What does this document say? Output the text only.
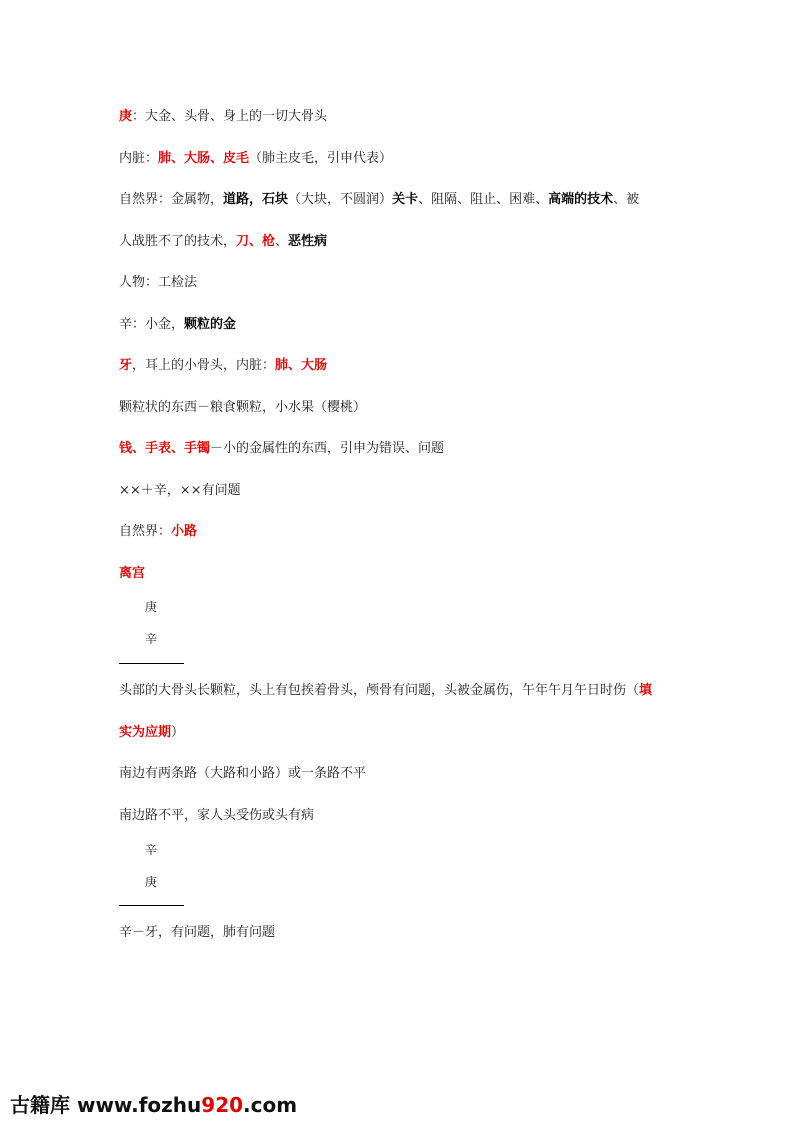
庚：大金、头骨、身上的一切大骨头
内脏：肺、大肠、皮毛（肺主皮毛，引申代表）
自然界：金属物，道路，石块（大块，不圆润）关卡、阻隔、阻止、困难、高端的技术、被
人战胜不了的技术，刀、枪、恶性病
人物：工检法
辛：小金，颗粒的金
牙，耳上的小骨头，内脏：肺、大肠
颗粒状的东西－粮食颗粒，小水果（樱桃）
钱、手表、手镯－小的金属性的东西，引申为错误、问题
××＋辛，××有问题
自然界：小路
离宫
庚
辛
头部的大骨头长颗粒，头上有包挨着骨头，颅骨有问题，头被金属伤，午年午月午日时伤（填
实为应期）
南边有两条路（大路和小路）或一条路不平
南边路不平，家人头受伤或头有病
辛
庚
辛－牙，有问题，肺有问题
古籍库 www.fozhu920.com
